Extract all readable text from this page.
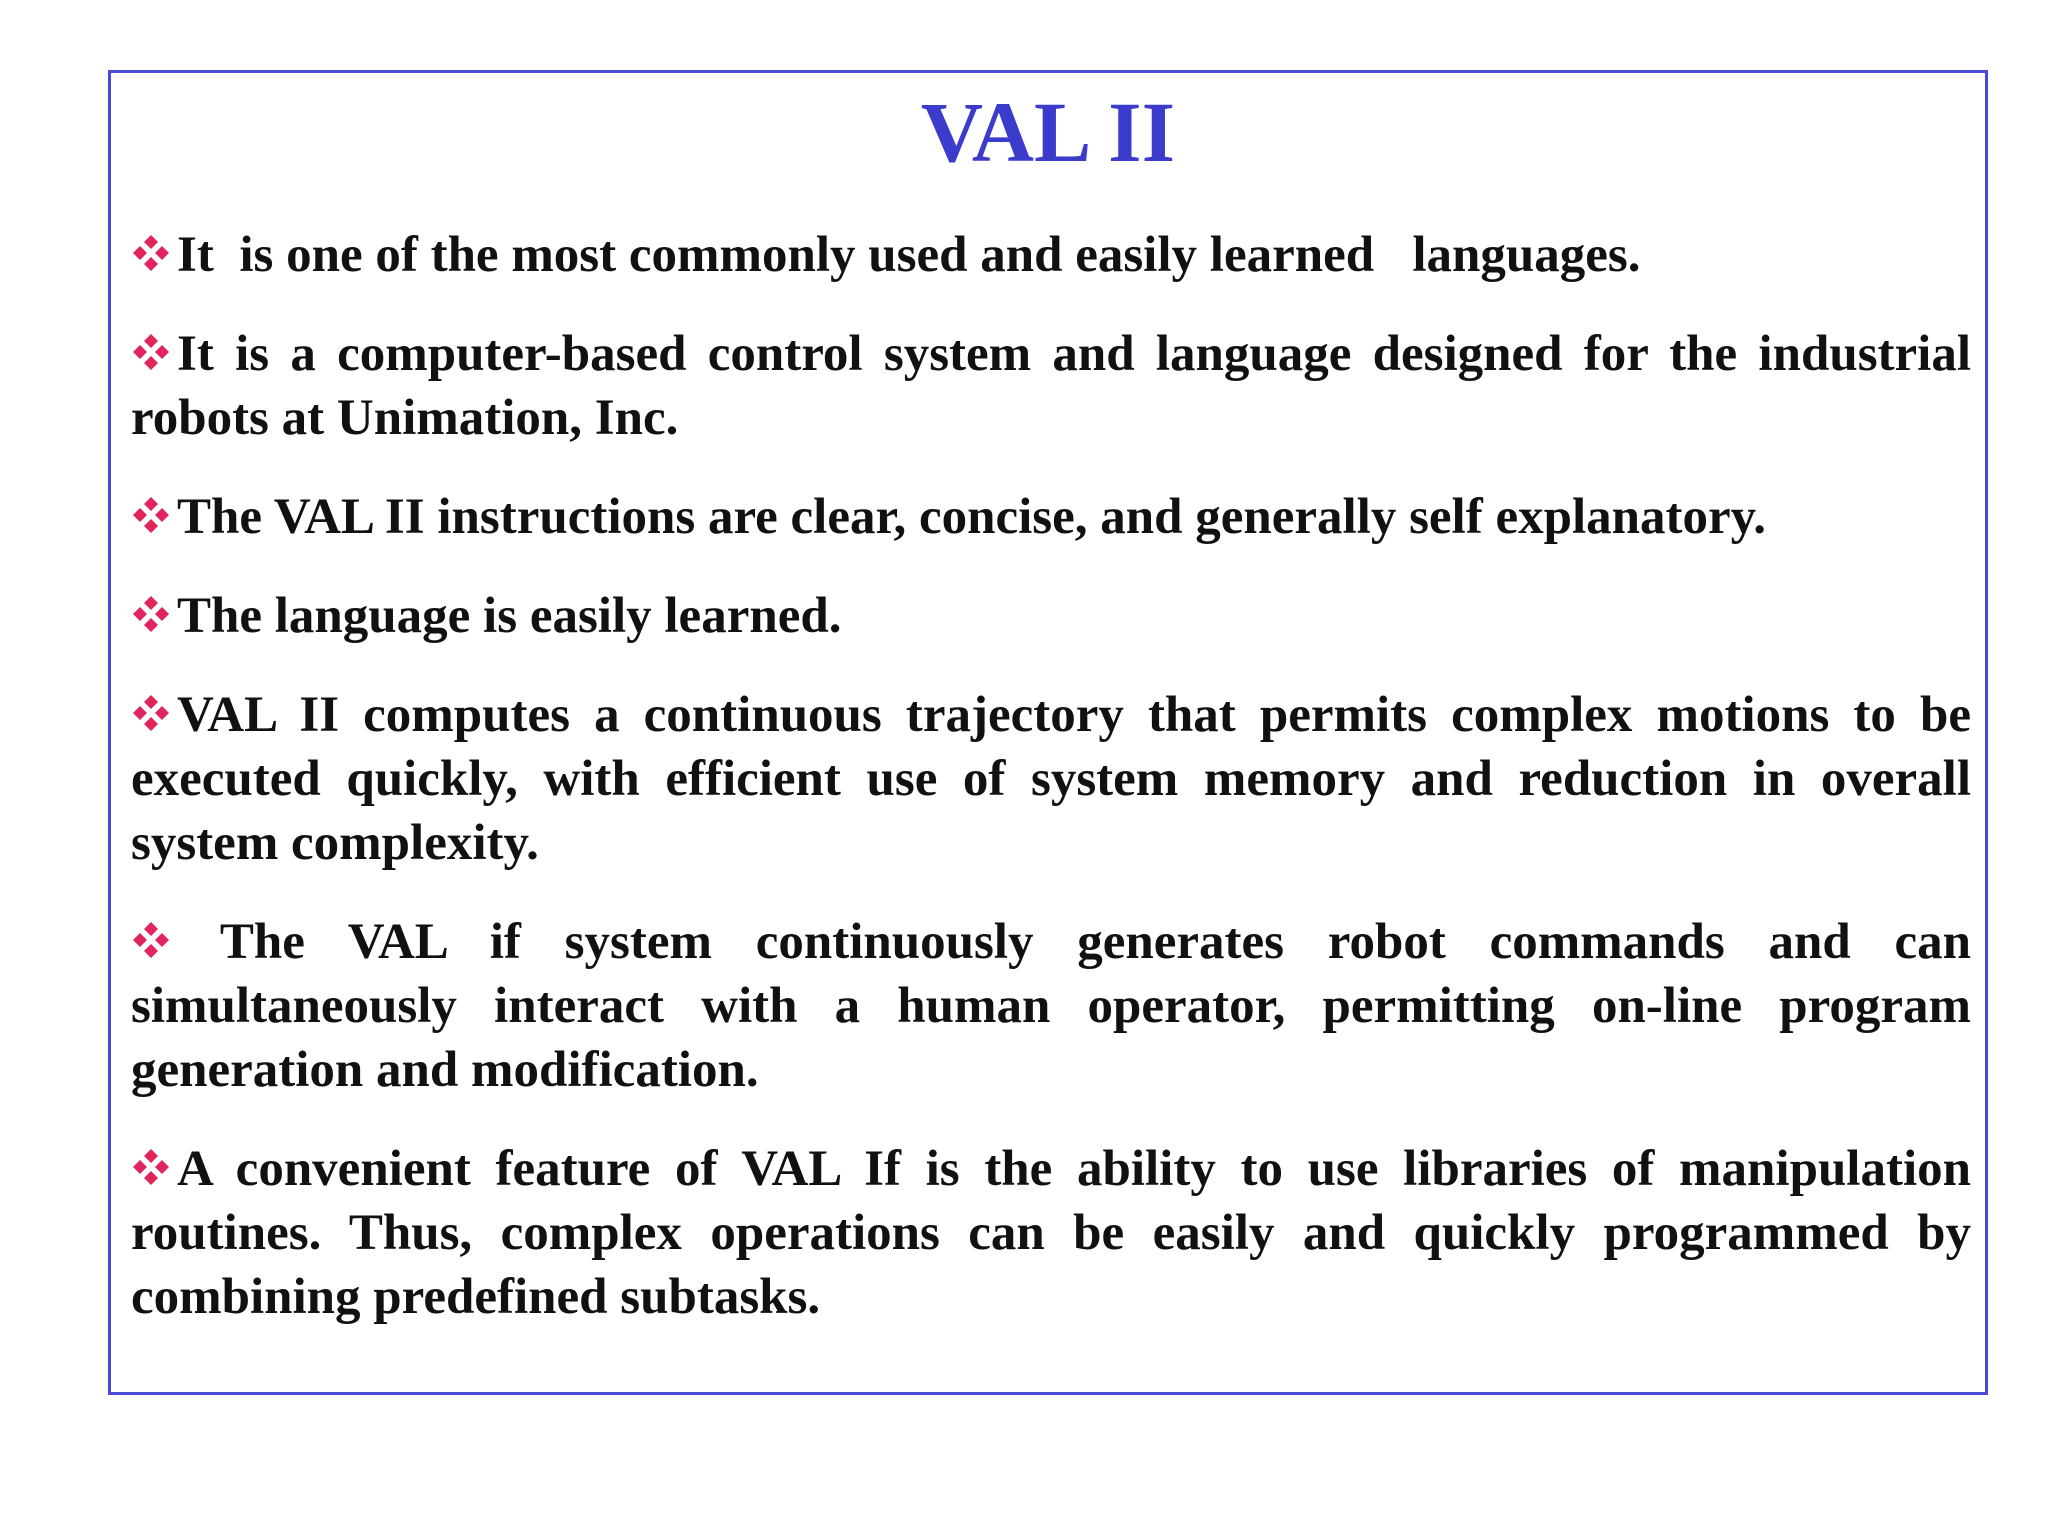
VAL II
It  is one of the most commonly used and easily learned   languages.
It is a computer-based control system and language designed for the industrial robots at Unimation, Inc.
The VAL II instructions are clear, concise, and generally self explanatory.
The language is easily learned.
VAL II computes a continuous trajectory that permits complex motions to be executed quickly, with efficient use of system memory and reduction in overall system complexity.
The VAL if system continuously generates robot commands and can simultaneously interact with a human operator, permitting on-line program generation and modification.
A convenient feature of VAL If is the ability to use libraries of manipulation routines. Thus, complex operations can be easily and quickly programmed by combining predefined subtasks.
